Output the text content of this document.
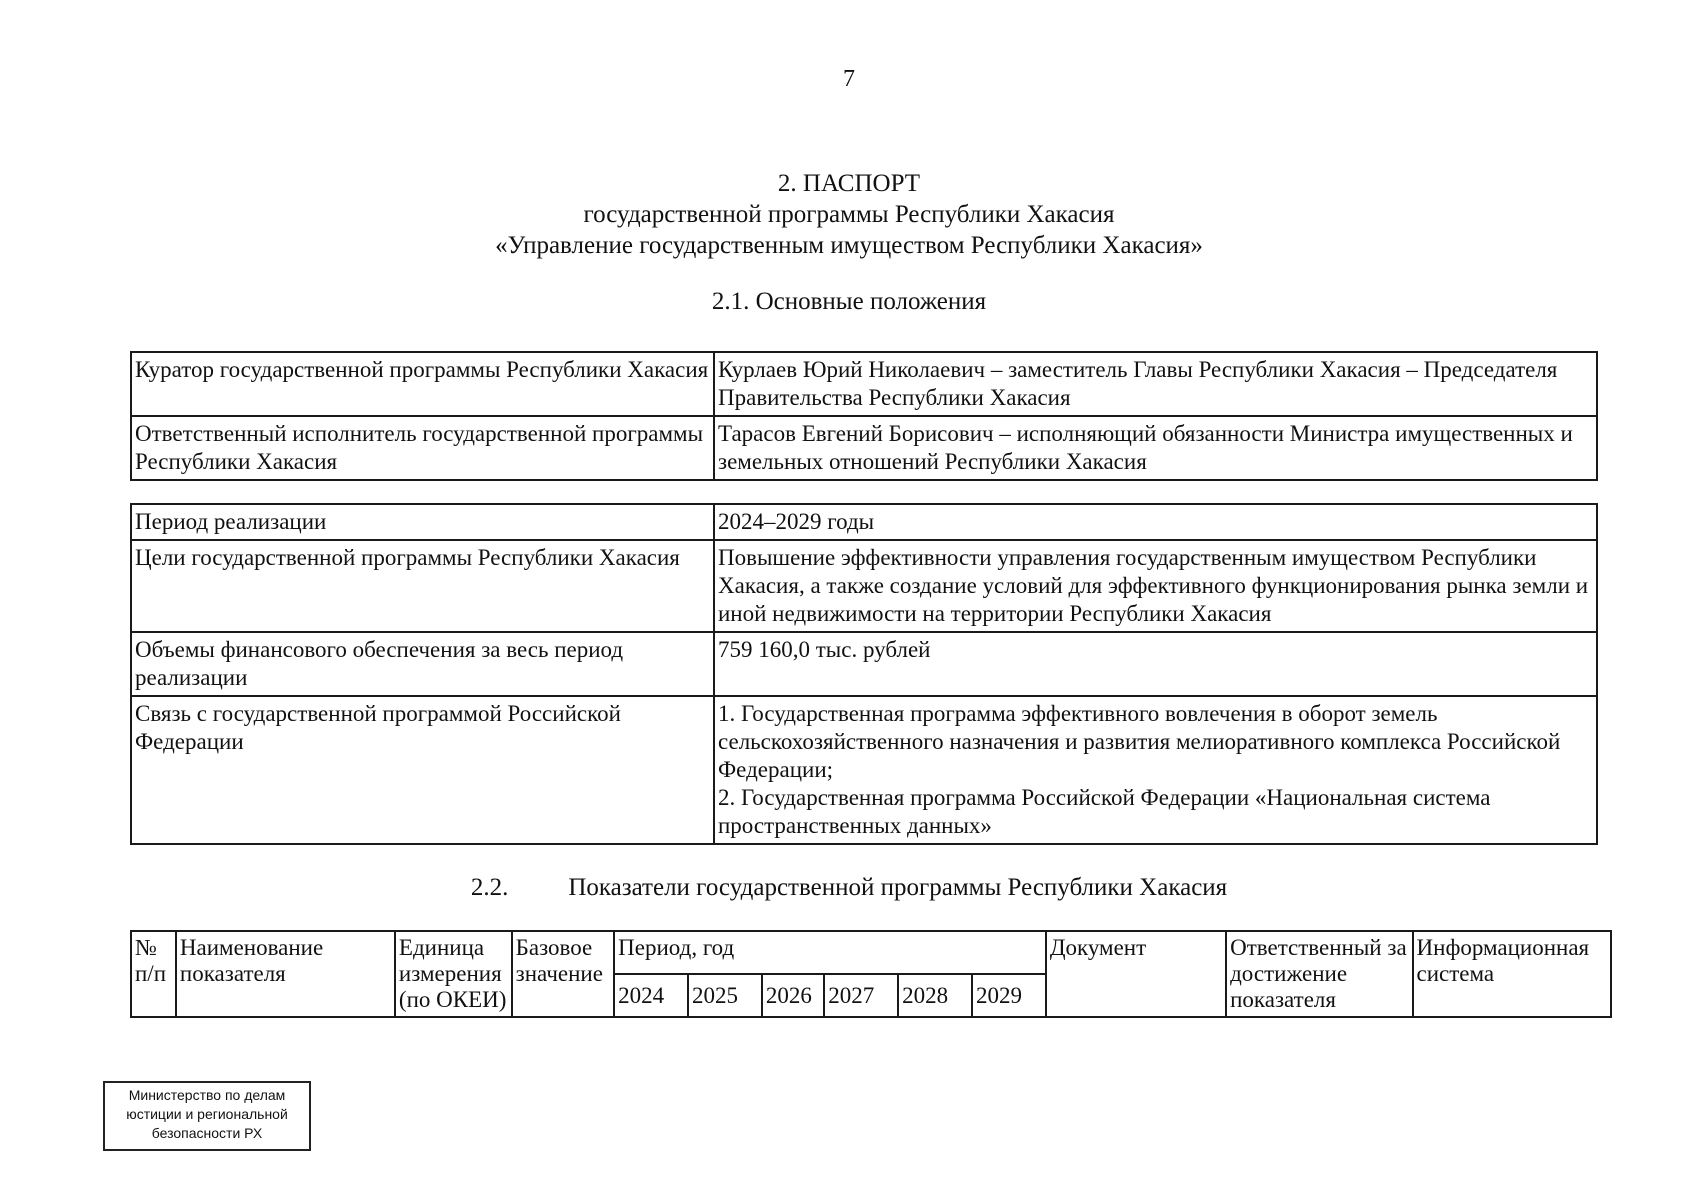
7
2. ПАСПОРТ
государственной программы Республики Хакасия
«Управление государственным имуществом Республики Хакасия»
2.1. Основные положения
Куратор государственной программы Республики Хакасия	Курлаев Юрий Николаевич – заместитель Главы Республики Хакасия – Председателя Правительства Республики Хакасия
Ответственный исполнитель государственной программы Республики Хакасия	Тарасов Евгений Борисович – исполняющий обязанности Министра имущественных и земельных отношений Республики Хакасия
Период реализации	2024–2029 годы
Цели государственной программы Республики Хакасия	Повышение эффективности управления государственным имуществом Республики Хакасия, а также создание условий для эффективного функционирования рынка земли и иной недвижимости на территории Республики Хакасия
Объемы финансового обеспечения за весь период реализации	759 160,0 тыс. рублей
Связь с государственной программой Российской Федерации	1. Государственная программа эффективного вовлечения в оборот земель сельскохозяйственного назначения и развития мелиоративного комплекса Российской Федерации;
2. Государственная программа Российской Федерации «Национальная система пространственных данных»
2.2. Показатели государственной программы Республики Хакасия
№ п/п	Наименование показателя	Единица измерения (по ОКЕИ)	Базовое значение	Период, год						Документ	Ответственный за достижение показателя	Информационная система
				2024	2025	2026	2027	2028	2029			
Министерство по делам
юстиции и региональной
безопасности РХ
